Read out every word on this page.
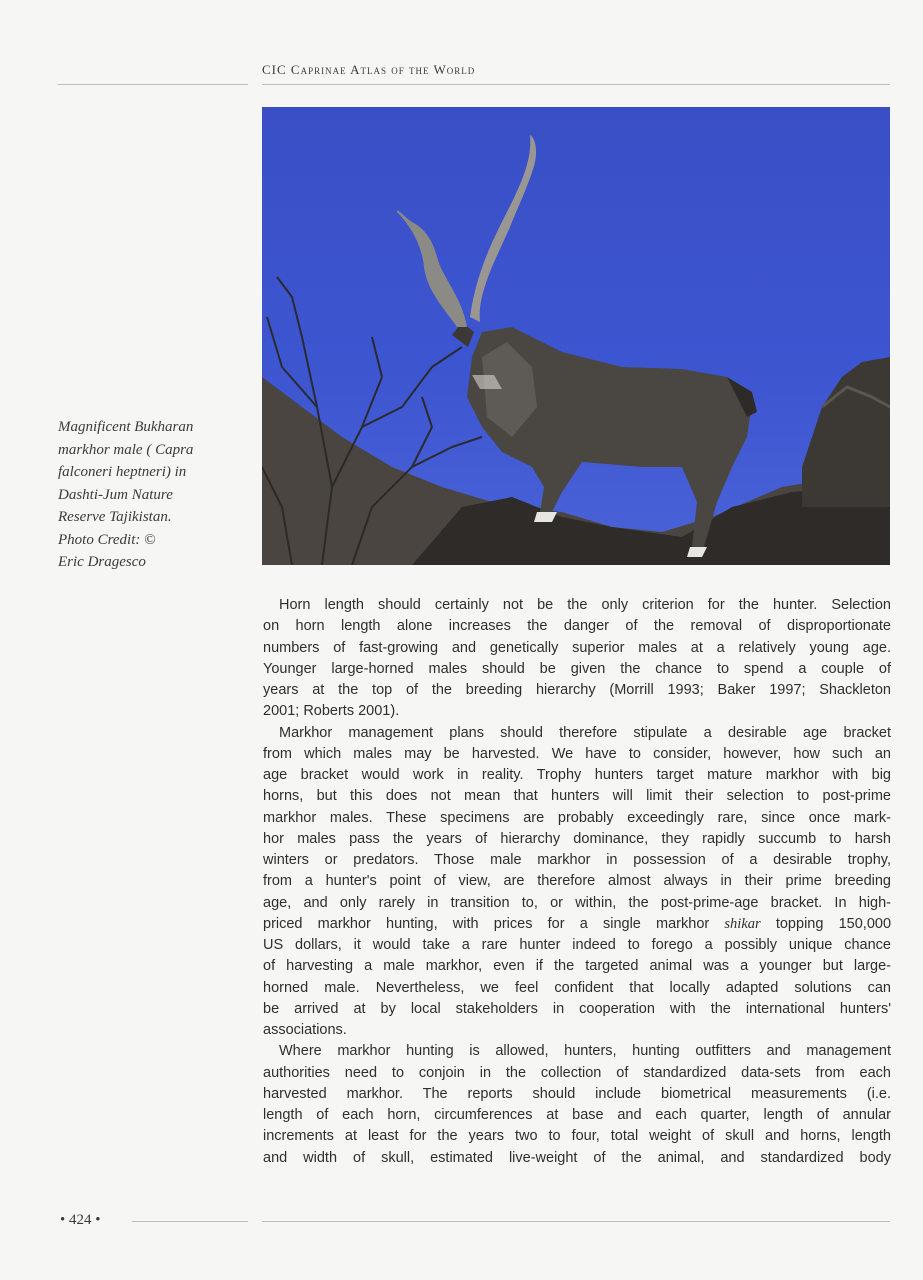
CIC Caprinae Atlas of the World
Magnificent Bukharan
markhor male ( Capra
falconeri heptneri) in
Dashti-Jum Nature
Reserve Tajikistan.
Photo Credit: ©
Eric Dragesco
Horn length should certainly not be the only criterion for the hunter. Selection
on horn length alone increases the danger of the removal of disproportionate
numbers of fast-growing and genetically superior males at a relatively young age.
Younger large-horned males should be given the chance to spend a couple of
years at the top of the breeding hierarchy (Morrill 1993; Baker 1997; Shackleton
2001; Roberts 2001).
Markhor management plans should therefore stipulate a desirable age bracket
from which males may be harvested. We have to consider, however, how such an
age bracket would work in reality. Trophy hunters target mature markhor with big
horns, but this does not mean that hunters will limit their selection to post-prime
markhor males. These specimens are probably exceedingly rare, since once mark-
hor males pass the years of hierarchy dominance, they rapidly succumb to harsh
winters or predators. Those male markhor in possession of a desirable trophy,
from a hunter's point of view, are therefore almost always in their prime breeding
age, and only rarely in transition to, or within, the post-prime-age bracket. In high-
priced markhor hunting, with prices for a single markhor shikar topping 150,000
US dollars, it would take a rare hunter indeed to forego a possibly unique chance
of harvesting a male markhor, even if the targeted animal was a younger but large-
horned male. Nevertheless, we feel confident that locally adapted solutions can
be arrived at by local stakeholders in cooperation with the international hunters'
associations.
Where markhor hunting is allowed, hunters, hunting outfitters and management
authorities need to conjoin in the collection of standardized data-sets from each
harvested markhor. The reports should include biometrical measurements (i.e.
length of each horn, circumferences at base and each quarter, length of annular
increments at least for the years two to four, total weight of skull and horns, length
and width of skull, estimated live-weight of the animal, and standardized body
• 424 •
